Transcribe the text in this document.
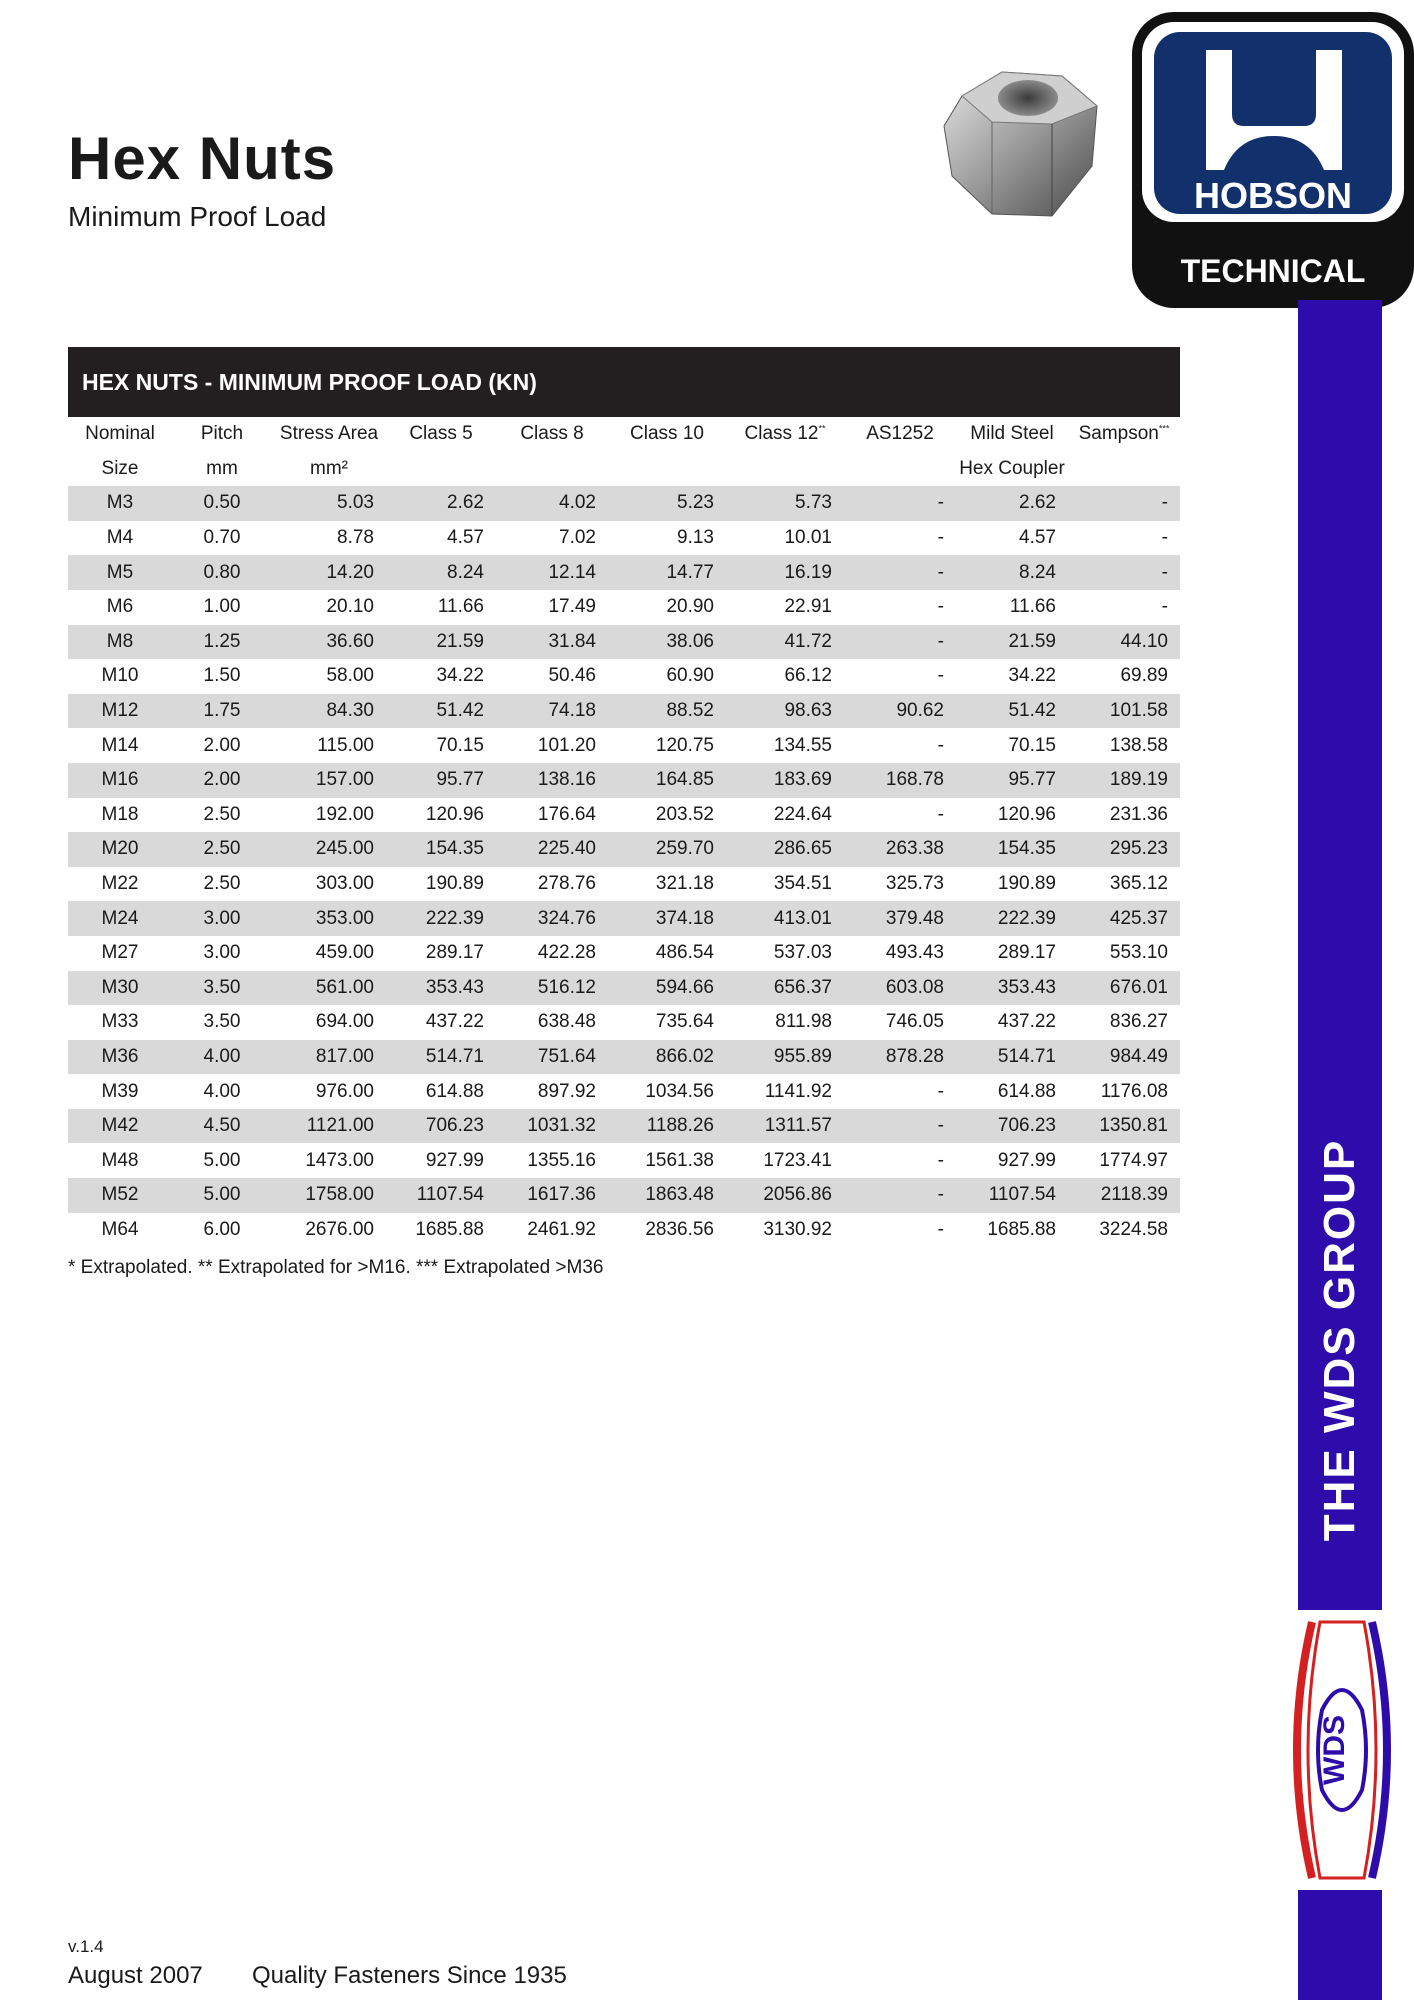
Hex Nuts
Minimum Proof Load
HOBSON
TECHNICAL
THE WDS GROUP
WDS
HEX NUTS - MINIMUM PROOF LOAD (KN)
Nominal	Pitch	Stress Area	Class 5	Class 8	Class 10	Class 12**	AS1252	Mild Steel	Sampson***
Size	mm	mm²						Hex Coupler	
M3	0.50	5.03	2.62	4.02	5.23	5.73	-	2.62	-
M4	0.70	8.78	4.57	7.02	9.13	10.01	-	4.57	-
M5	0.80	14.20	8.24	12.14	14.77	16.19	-	8.24	-
M6	1.00	20.10	11.66	17.49	20.90	22.91	-	11.66	-
M8	1.25	36.60	21.59	31.84	38.06	41.72	-	21.59	44.10
M10	1.50	58.00	34.22	50.46	60.90	66.12	-	34.22	69.89
M12	1.75	84.30	51.42	74.18	88.52	98.63	90.62	51.42	101.58
M14	2.00	115.00	70.15	101.20	120.75	134.55	-	70.15	138.58
M16	2.00	157.00	95.77	138.16	164.85	183.69	168.78	95.77	189.19
M18	2.50	192.00	120.96	176.64	203.52	224.64	-	120.96	231.36
M20	2.50	245.00	154.35	225.40	259.70	286.65	263.38	154.35	295.23
M22	2.50	303.00	190.89	278.76	321.18	354.51	325.73	190.89	365.12
M24	3.00	353.00	222.39	324.76	374.18	413.01	379.48	222.39	425.37
M27	3.00	459.00	289.17	422.28	486.54	537.03	493.43	289.17	553.10
M30	3.50	561.00	353.43	516.12	594.66	656.37	603.08	353.43	676.01
M33	3.50	694.00	437.22	638.48	735.64	811.98	746.05	437.22	836.27
M36	4.00	817.00	514.71	751.64	866.02	955.89	878.28	514.71	984.49
M39	4.00	976.00	614.88	897.92	1034.56	1141.92	-	614.88	1176.08
M42	4.50	1121.00	706.23	1031.32	1188.26	1311.57	-	706.23	1350.81
M48	5.00	1473.00	927.99	1355.16	1561.38	1723.41	-	927.99	1774.97
M52	5.00	1758.00	1107.54	1617.36	1863.48	2056.86	-	1107.54	2118.39
M64	6.00	2676.00	1685.88	2461.92	2836.56	3130.92	-	1685.88	3224.58
* Extrapolated. ** Extrapolated for >M16. *** Extrapolated >M36
v.1.4
August 2007 Quality Fasteners Since 1935
